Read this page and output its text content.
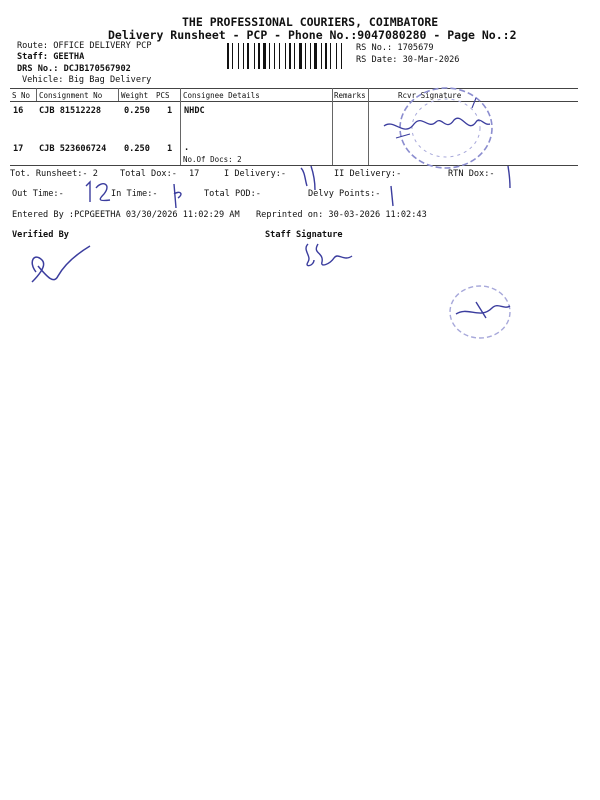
THE PROFESSIONAL COURIERS, COIMBATORE
Delivery Runsheet - PCP - Phone No.:9047080280 - Page No.:2
Route: OFFICE DELIVERY PCP
Staff: GEETHA
DRS No.: DCJB170567902
Vehicle: Big Bag Delivery
RS No.: 1705679
RS Date: 30-Mar-2026
S No Consignment No	Weight PCS Consignee Details	Remarks	Rcvr Signature
16 CJB 81512228	0.250 1 NHDC
17 CJB 523606724 0.250 1 .
No.Of Docs: 2
Tot. Runsheet:- 2	Total Dox:- 17	I Delivery:-	II Delivery:-	RTN Dox:-
Out Time:-	In Time:-	Total POD:-	Delvy Points:-
Entered By :PCPGEETHA 03/30/2026 11:02:29 AM Reprinted on: 30-03-2026 11:02:43
Verified By	Staff Signature
